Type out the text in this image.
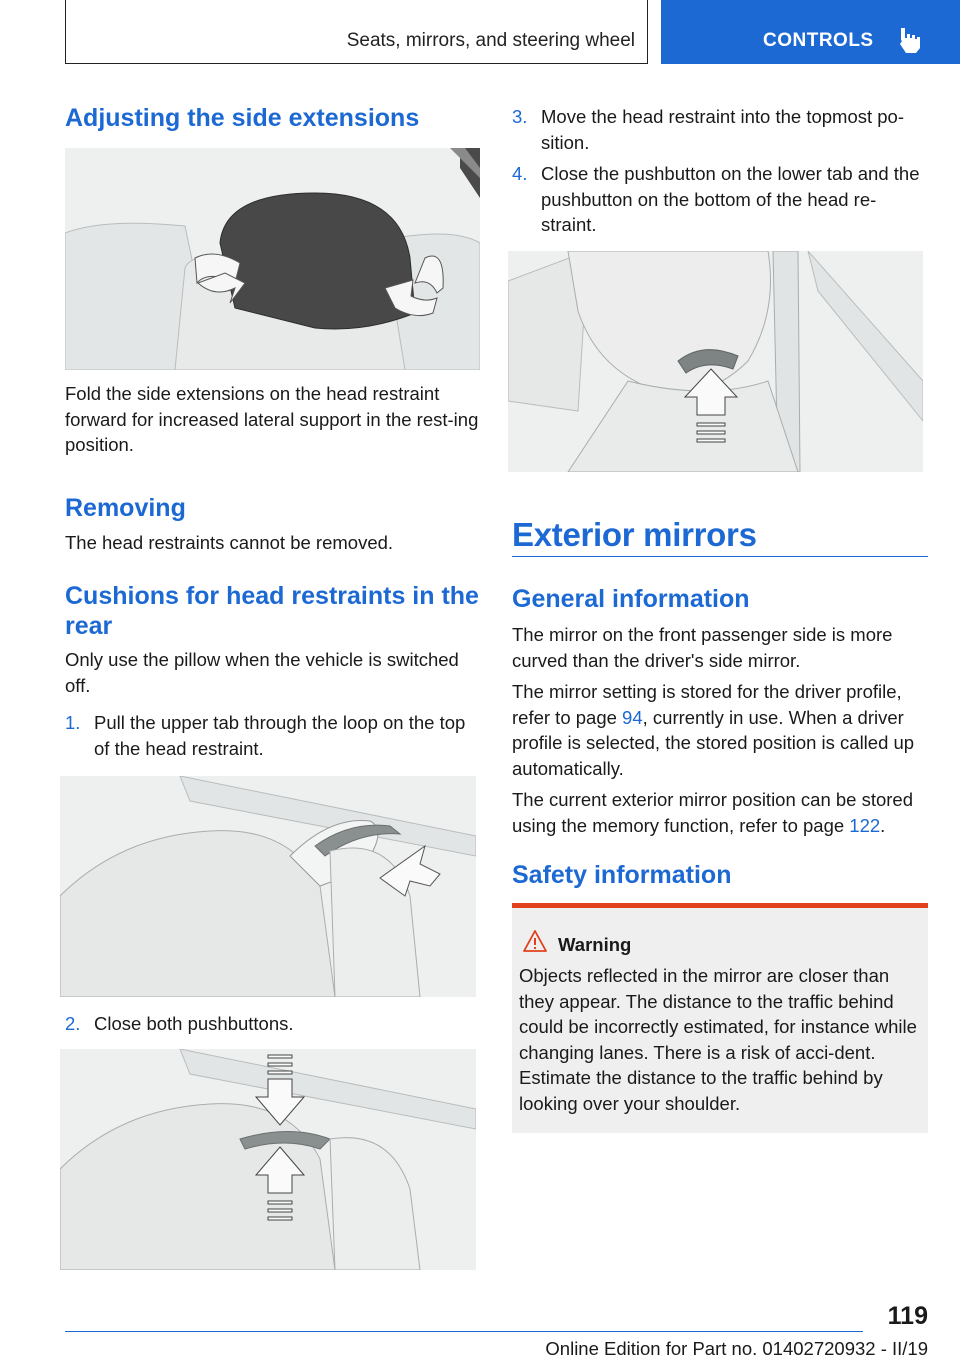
Seats, mirrors, and steering wheel	CONTROLS
Adjusting the side extensions

Fold the side extensions on the head restraint forward for increased lateral support in the rest-ing position.

Removing

The head restraints cannot be removed.

Cushions for head restraints in the rear

Only use the pillow when the vehicle is switched off.

1. Pull the upper tab through the loop on the top of the head restraint.
2. Close both pushbuttons.
3. Move the head restraint into the topmost po-sition.
4. Close the pushbutton on the lower tab and the pushbutton on the bottom of the head re-straint.
Exterior mirrors
General information

The mirror on the front passenger side is more curved than the driver's side mirror.

The mirror setting is stored for the driver profile, refer to page 94, currently in use. When a driver profile is selected, the stored position is called up automatically.

The current exterior mirror position can be stored using the memory function, refer to page 122.

Safety information
Warning
Objects reflected in the mirror are closer than they appear. The distance to the traffic behind could be incorrectly estimated, for instance while changing lanes. There is a risk of acci-dent. Estimate the distance to the traffic behind by looking over your shoulder.
119
Online Edition for Part no. 01402720932 - II/19
